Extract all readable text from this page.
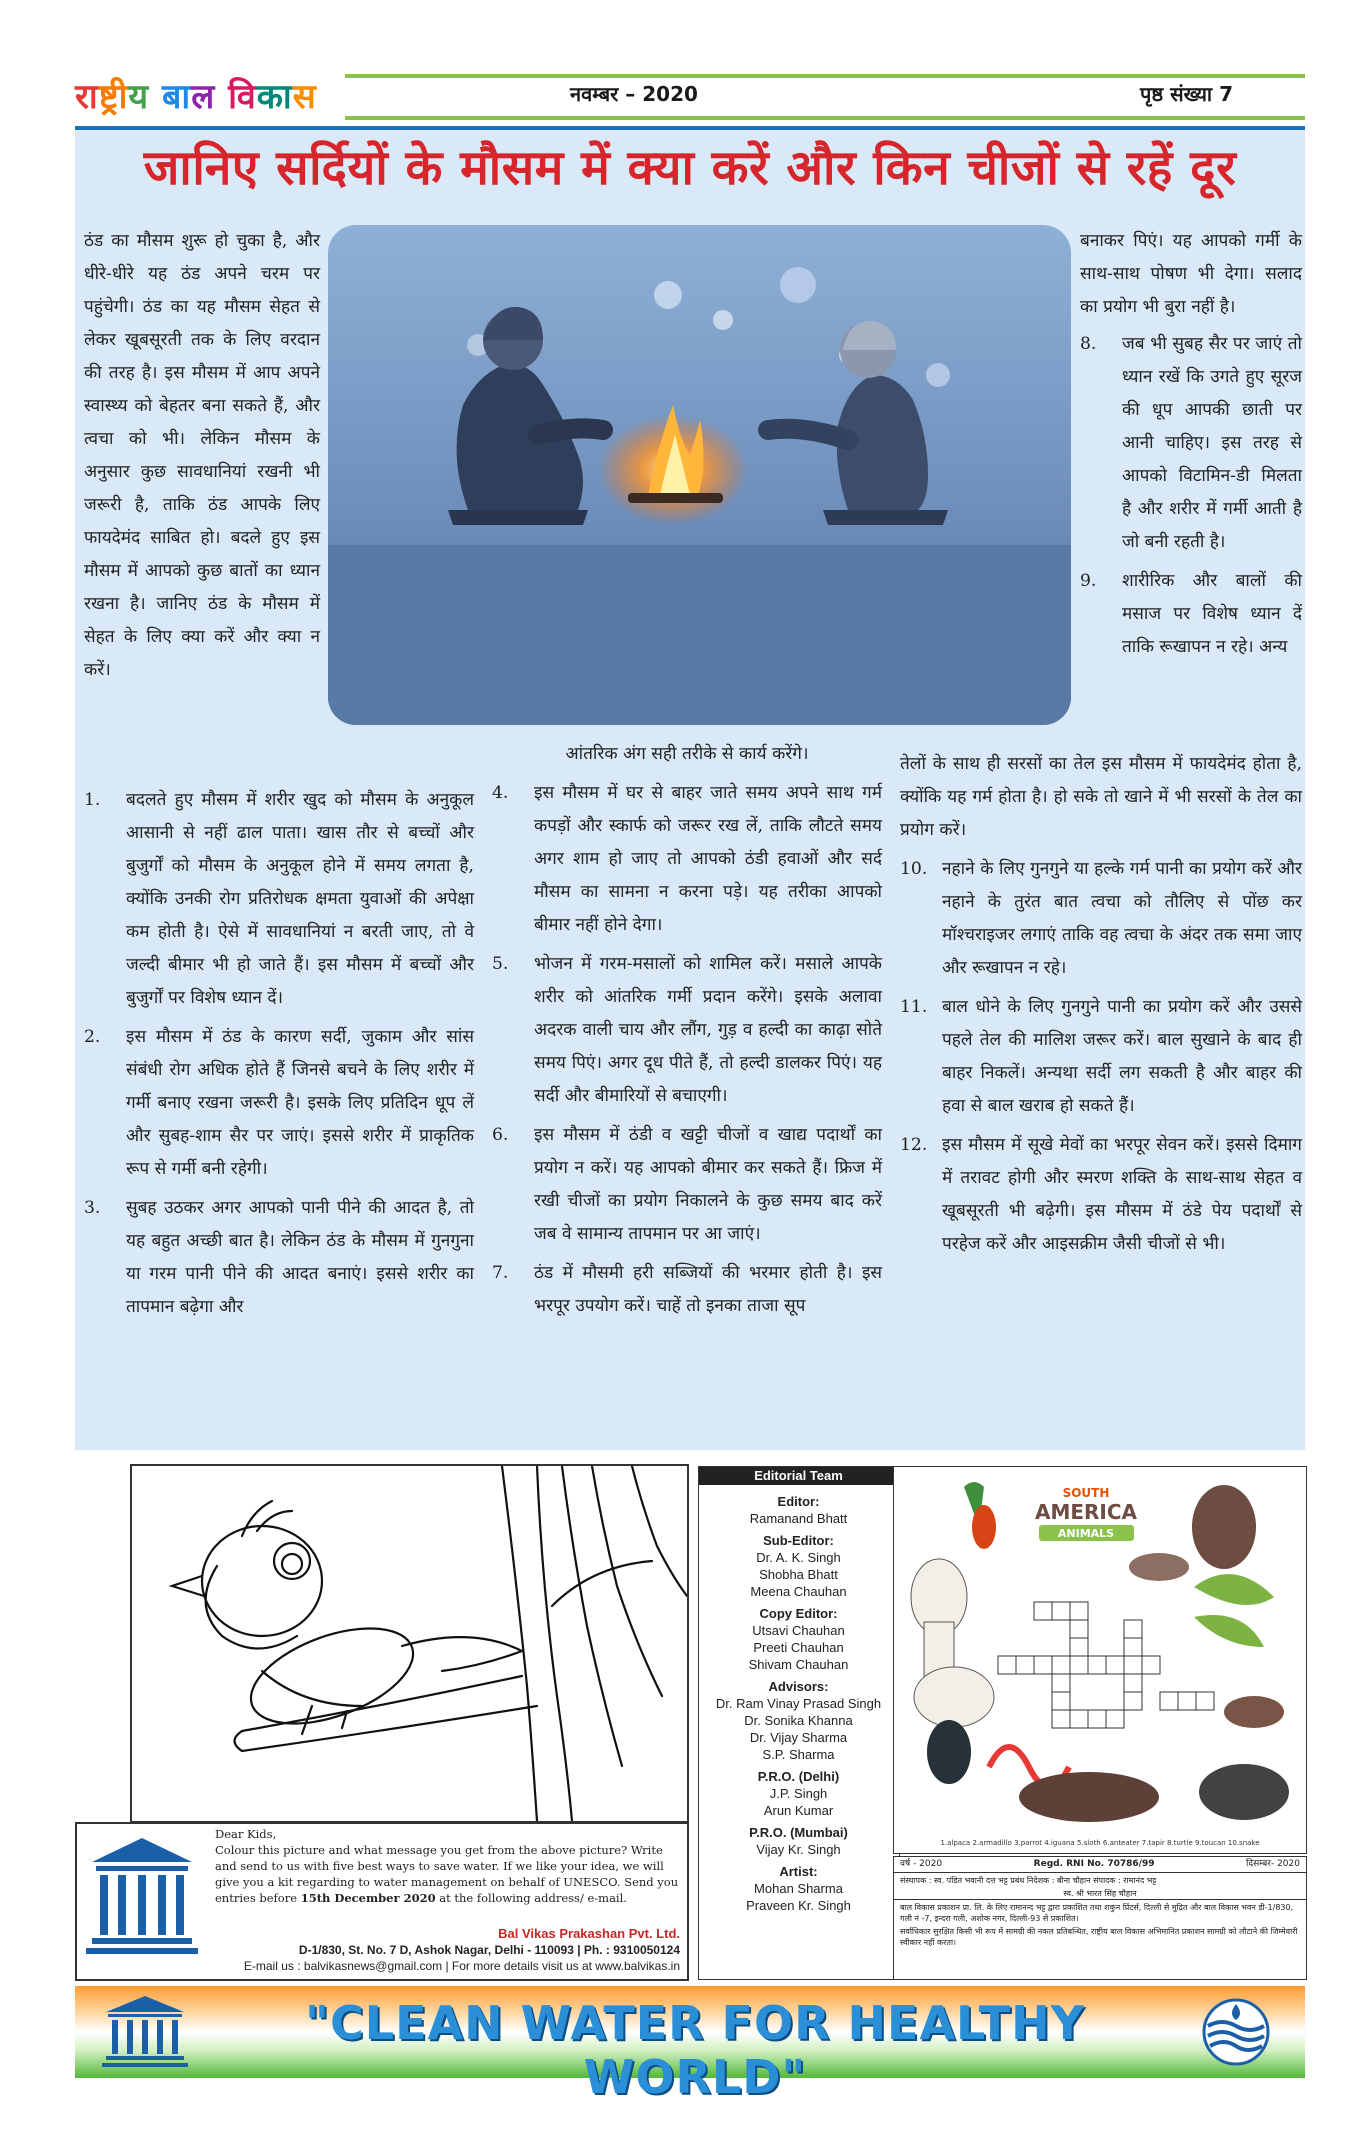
राष्ट्रीय बाल विकास	नवम्बर – 2020	पृष्ठ संख्या 7
जानिए सर्दियों के मौसम में क्या करें और किन चीजों से रहें दूर

ठंड का मौसम शुरू हो चुका है, और धीरे-धीरे यह ठंड अपने चरम पर पहुंचेगी। ठंड का यह मौसम सेहत से लेकर खूबसूरती तक के लिए वरदान की तरह है। इस मौसम में आप अपने स्वास्थ्य को बेहतर बना सकते हैं, और त्वचा को भी। लेकिन मौसम के अनुसार कुछ सावधानियां रखनी भी जरूरी है, ताकि ठंड आपके लिए फायदेमंद साबित हो। बदले हुए इस मौसम में आपको कुछ बातों का ध्यान रखना है। जानिए ठंड के मौसम में सेहत के लिए क्या करें और क्या न करें।

1.	बदलते हुए मौसम में शरीर खुद को मौसम के अनुकूल आसानी से नहीं ढाल पाता। खास तौर से बच्चों और बुजुर्गों को मौसम के अनुकूल होने में समय लगता है, क्योंकि उनकी रोग प्रतिरोधक क्षमता युवाओं की अपेक्षा कम होती है। ऐसे में सावधानियां न बरती जाए, तो वे जल्दी बीमार भी हो जाते हैं। इस मौसम में बच्चों और बुजुर्गों पर विशेष ध्यान दें।
2.	इस मौसम में ठंड के कारण सर्दी, जुकाम और सांस संबंधी रोग अधिक होते हैं जिनसे बचने के लिए शरीर में गर्मी बनाए रखना जरूरी है। इसके लिए प्रतिदिन धूप लें और सुबह-शाम सैर पर जाएं। इससे शरीर में प्राकृतिक रूप से गर्मी बनी रहेगी।
3.	सुबह उठकर अगर आपको पानी पीने की आदत है, तो यह बहुत अच्छी बात है। लेकिन ठंड के मौसम में गुनगुना या गरम पानी पीने की आदत बनाएं। इससे शरीर का तापमान बढ़ेगा और

आंतरिक अंग सही तरीके से कार्य करेंगे।

4.	इस मौसम में घर से बाहर जाते समय अपने साथ गर्म कपड़ों और स्कार्फ को जरूर रख लें, ताकि लौटते समय अगर शाम हो जाए तो आपको ठंडी हवाओं और सर्द मौसम का सामना न करना पड़े। यह तरीका आपको बीमार नहीं होने देगा।
5.	भोजन में गरम-मसालों को शामिल करें। मसाले आपके शरीर को आंतरिक गर्मी प्रदान करेंगे। इसके अलावा अदरक वाली चाय और लौंग, गुड़ व हल्दी का काढ़ा सोते समय पिएं। अगर दूध पीते हैं, तो हल्दी डालकर पिएं। यह सर्दी और बीमारियों से बचाएगी।
6.	इस मौसम में ठंडी व खट्टी चीजों व खाद्य पदार्थों का प्रयोग न करें। यह आपको बीमार कर सकते हैं। फ्रिज में रखी चीजों का प्रयोग निकालने के कुछ समय बाद करें जब वे सामान्य तापमान पर आ जाएं।
7.	ठंड में मौसमी हरी सब्जियों की भरमार होती है। इस भरपूर उपयोग करें। चाहें तो इनका ताजा सूप

बनाकर पिएं। यह आपको गर्मी के साथ-साथ पोषण भी देगा। सलाद का प्रयोग भी बुरा नहीं है।

8.	जब भी सुबह सैर पर जाएं तो ध्यान रखें कि उगते हुए सूरज की धूप आपकी छाती पर आनी चाहिए। इस तरह से आपको विटामिन-डी मिलता है और शरीर में गर्मी आती है जो बनी रहती है।
9.	शारीरिक और बालों की मसाज पर विशेष ध्यान दें ताकि रूखापन न रहे। अन्य

तेलों के साथ ही सरसों का तेल इस मौसम में फायदेमंद होता है, क्योंकि यह गर्म होता है। हो सके तो खाने में भी सरसों के तेल का प्रयोग करें।

10. नहाने के लिए गुनगुने या हल्के गर्म पानी का प्रयोग करें और नहाने के तुरंत बात त्वचा को तौलिए से पोंछ कर मॉश्चराइजर लगाएं ताकि वह त्वचा के अंदर तक समा जाए और रूखापन न रहे।
11. बाल धोने के लिए गुनगुने पानी का प्रयोग करें और उससे पहले तेल की मालिश जरूर करें। बाल सुखाने के बाद ही बाहर निकलें। अन्यथा सर्दी लग सकती है और बाहर की हवा से बाल खराब हो सकते हैं।
12. इस मौसम में सूखे मेवों का भरपूर सेवन करें। इससे दिमाग में तरावट होगी और स्मरण शक्ति के साथ-साथ सेहत व खूबसूरती भी बढ़ेगी। इस मौसम में ठंडे पेय पदार्थों से परहेज करें और आइसक्रीम जैसी चीजों से भी।
Dear Kids,
Colour this picture and what message you get from the above picture? Write and send to us with five best ways to save water. If we like your idea, we will give you a kit regarding to water management on behalf of UNESCO. Send you entries before 15th December 2020 at the following address/ e-mail.
Bal Vikas Prakashan Pvt. Ltd.
D-1/830, St. No. 7 D, Ashok Nagar, Delhi - 110093 | Ph. : 9310050124
E-mail us : balvikasnews@gmail.com | For more details visit us at www.balvikas.in
Editorial Team
Editor:
Ramanand Bhatt
Sub-Editor:
Dr. A. K. Singh
Shobha Bhatt
Meena Chauhan
Copy Editor:
Utsavi Chauhan
Preeti Chauhan
Shivam Chauhan
Advisors:
Dr. Ram Vinay Prasad Singh
Dr. Sonika Khanna
Dr. Vijay Sharma
S.P. Sharma
P.R.O. (Delhi)
J.P. Singh
Arun Kumar
P.R.O. (Mumbai)
Vijay Kr. Singh
Artist:
Mohan Sharma
Praveen Kr. Singh
SOUTH
AMERICA
ANIMALS
1.alpaca 2.armadillo 3.parrot 4.iguana 5.sloth 6.anteater 7.tapir 8.turtle 9.toucan 10.snake
वर्ष - 2020	Regd. RNI No. 70786/99	दिसम्बर- 2020
संस्थापक : स्व. पंडित भवानी दत्त भट्ट प्रबंध निदेशक : बीना चौहान संपादक : रामानंद भट्ट
स्व. श्री भारत सिंह चौहान
बाल विकास प्रकाशन प्रा. लि. के लिए रामानन्द भट्ट द्वारा प्रकाशित तथा शकुन प्रिंटर्स, दिल्ली से मुद्रित और बाल विकास भवन डी-1/830, गली नं -7, इन्दरा गली, अशोक नगर, दिल्ली-93 से प्रकाशित।
सर्वाधिकार सुरक्षित किसी भी रूप में सामग्री की नकल प्रतिबन्धित, राष्ट्रीय बाल विकास अभिमानित प्रकाशन सामग्री को लौटाने की जिम्मेवारी स्वीकार नहीं करता।
"CLEAN WATER FOR HEALTHY WORLD"
